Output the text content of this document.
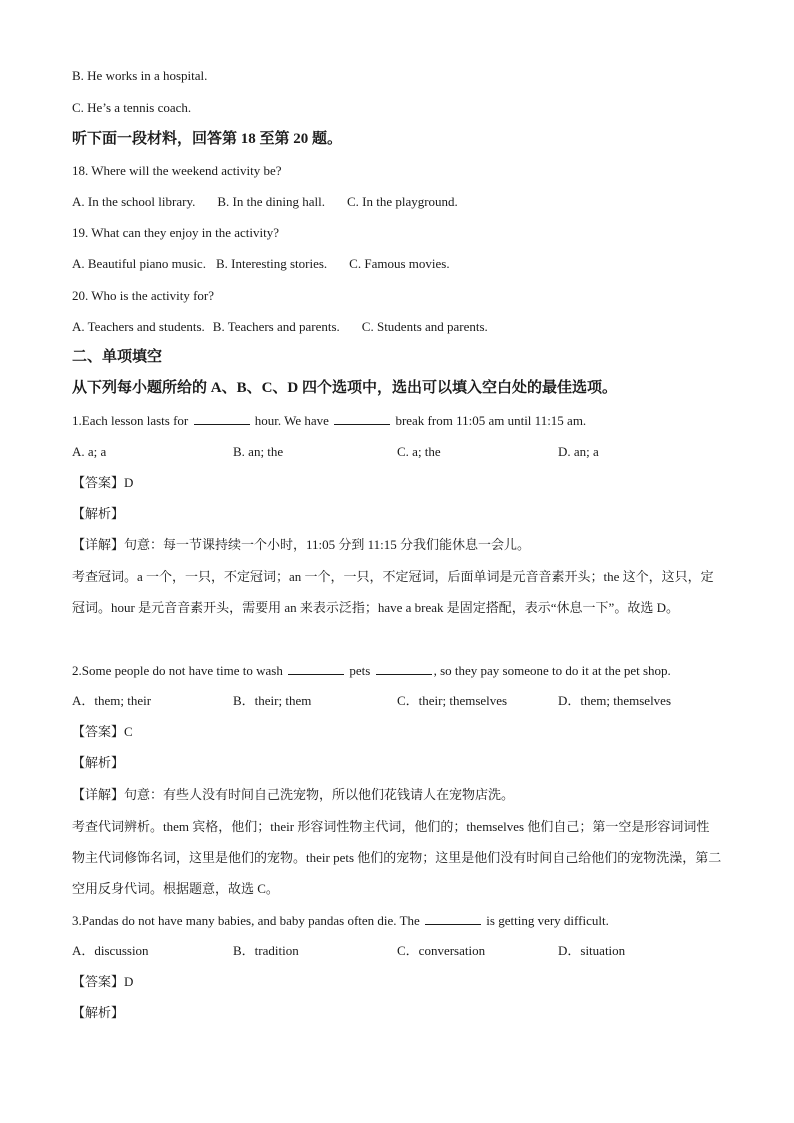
B. He works in a hospital.
C. He’s a tennis coach.
听下面一段材料，回答第 18 至第 20 题。
18. Where will the weekend activity be?
A. In the school library. B. In the dining hall. C. In the playground.
19. What can they enjoy in the activity?
A. Beautiful piano music. B. Interesting stories. C. Famous movies.
20. Who is the activity for?
A. Teachers and students. B. Teachers and parents. C. Students and parents.
二、单项填空
从下列每小题所给的 A、B、C、D 四个选项中，选出可以填入空白处的最佳选项。
1.Each lesson lasts for	hour. We have	break from 11:05 am until 11:15 am.
A. a; a	B. an; the	C. a; the	D. an; a
【答案】D
【解析】
【详解】句意：每一节课持续一个小时，11:05 分到 11:15 分我们能休息一会儿。
考查冠词。a 一个，一只，不定冠词；an 一个，一只，不定冠词，后面单词是元音音素开头；the 这个，这只，定冠词。hour 是元音音素开头，需要用 an 来表示泛指；have a break 是固定搭配，表示“休息一下”。故选 D。
2.Some people do not have time to wash	pets	, so they pay someone to do it at the pet shop.
A．them; their	B．their; them	C．their; themselves	D．them; themselves
【答案】C
【解析】
【详解】句意：有些人没有时间自己洗宠物，所以他们花钱请人在宠物店洗。
考查代词辨析。them 宾格，他们；their 形容词性物主代词，他们的；themselves 他们自己；第一空是形容词词性物主代词修饰名词，这里是他们的宠物。their pets 他们的宠物；这里是他们没有时间自己给他们的宠物洗澡，第二空用反身代词。根据题意，故选 C。
3.Pandas do not have many babies, and baby pandas often die. The	is getting very difficult.
A．discussion	B．tradition	C．conversation	D．situation
【答案】D
【解析】
